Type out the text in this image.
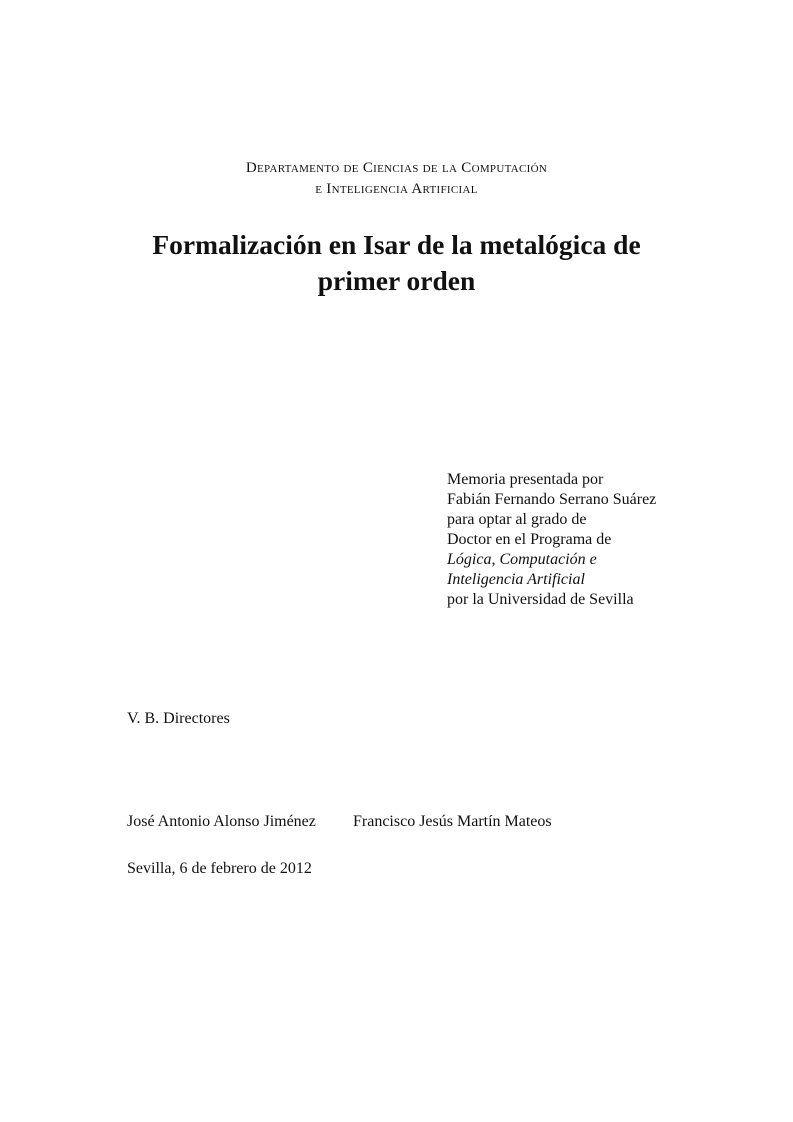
Departamento de Ciencias de la Computación
e Inteligencia Artificial
Formalización en Isar de la metalógica de
primer orden
Memoria presentada por
Fabián Fernando Serrano Suárez
para optar al grado de
Doctor en el Programa de
Lógica, Computación e
Inteligencia Artificial
por la Universidad de Sevilla
V. B. Directores
José Antonio Alonso Jiménez Francisco Jesús Martín Mateos
Sevilla, 6 de febrero de 2012
